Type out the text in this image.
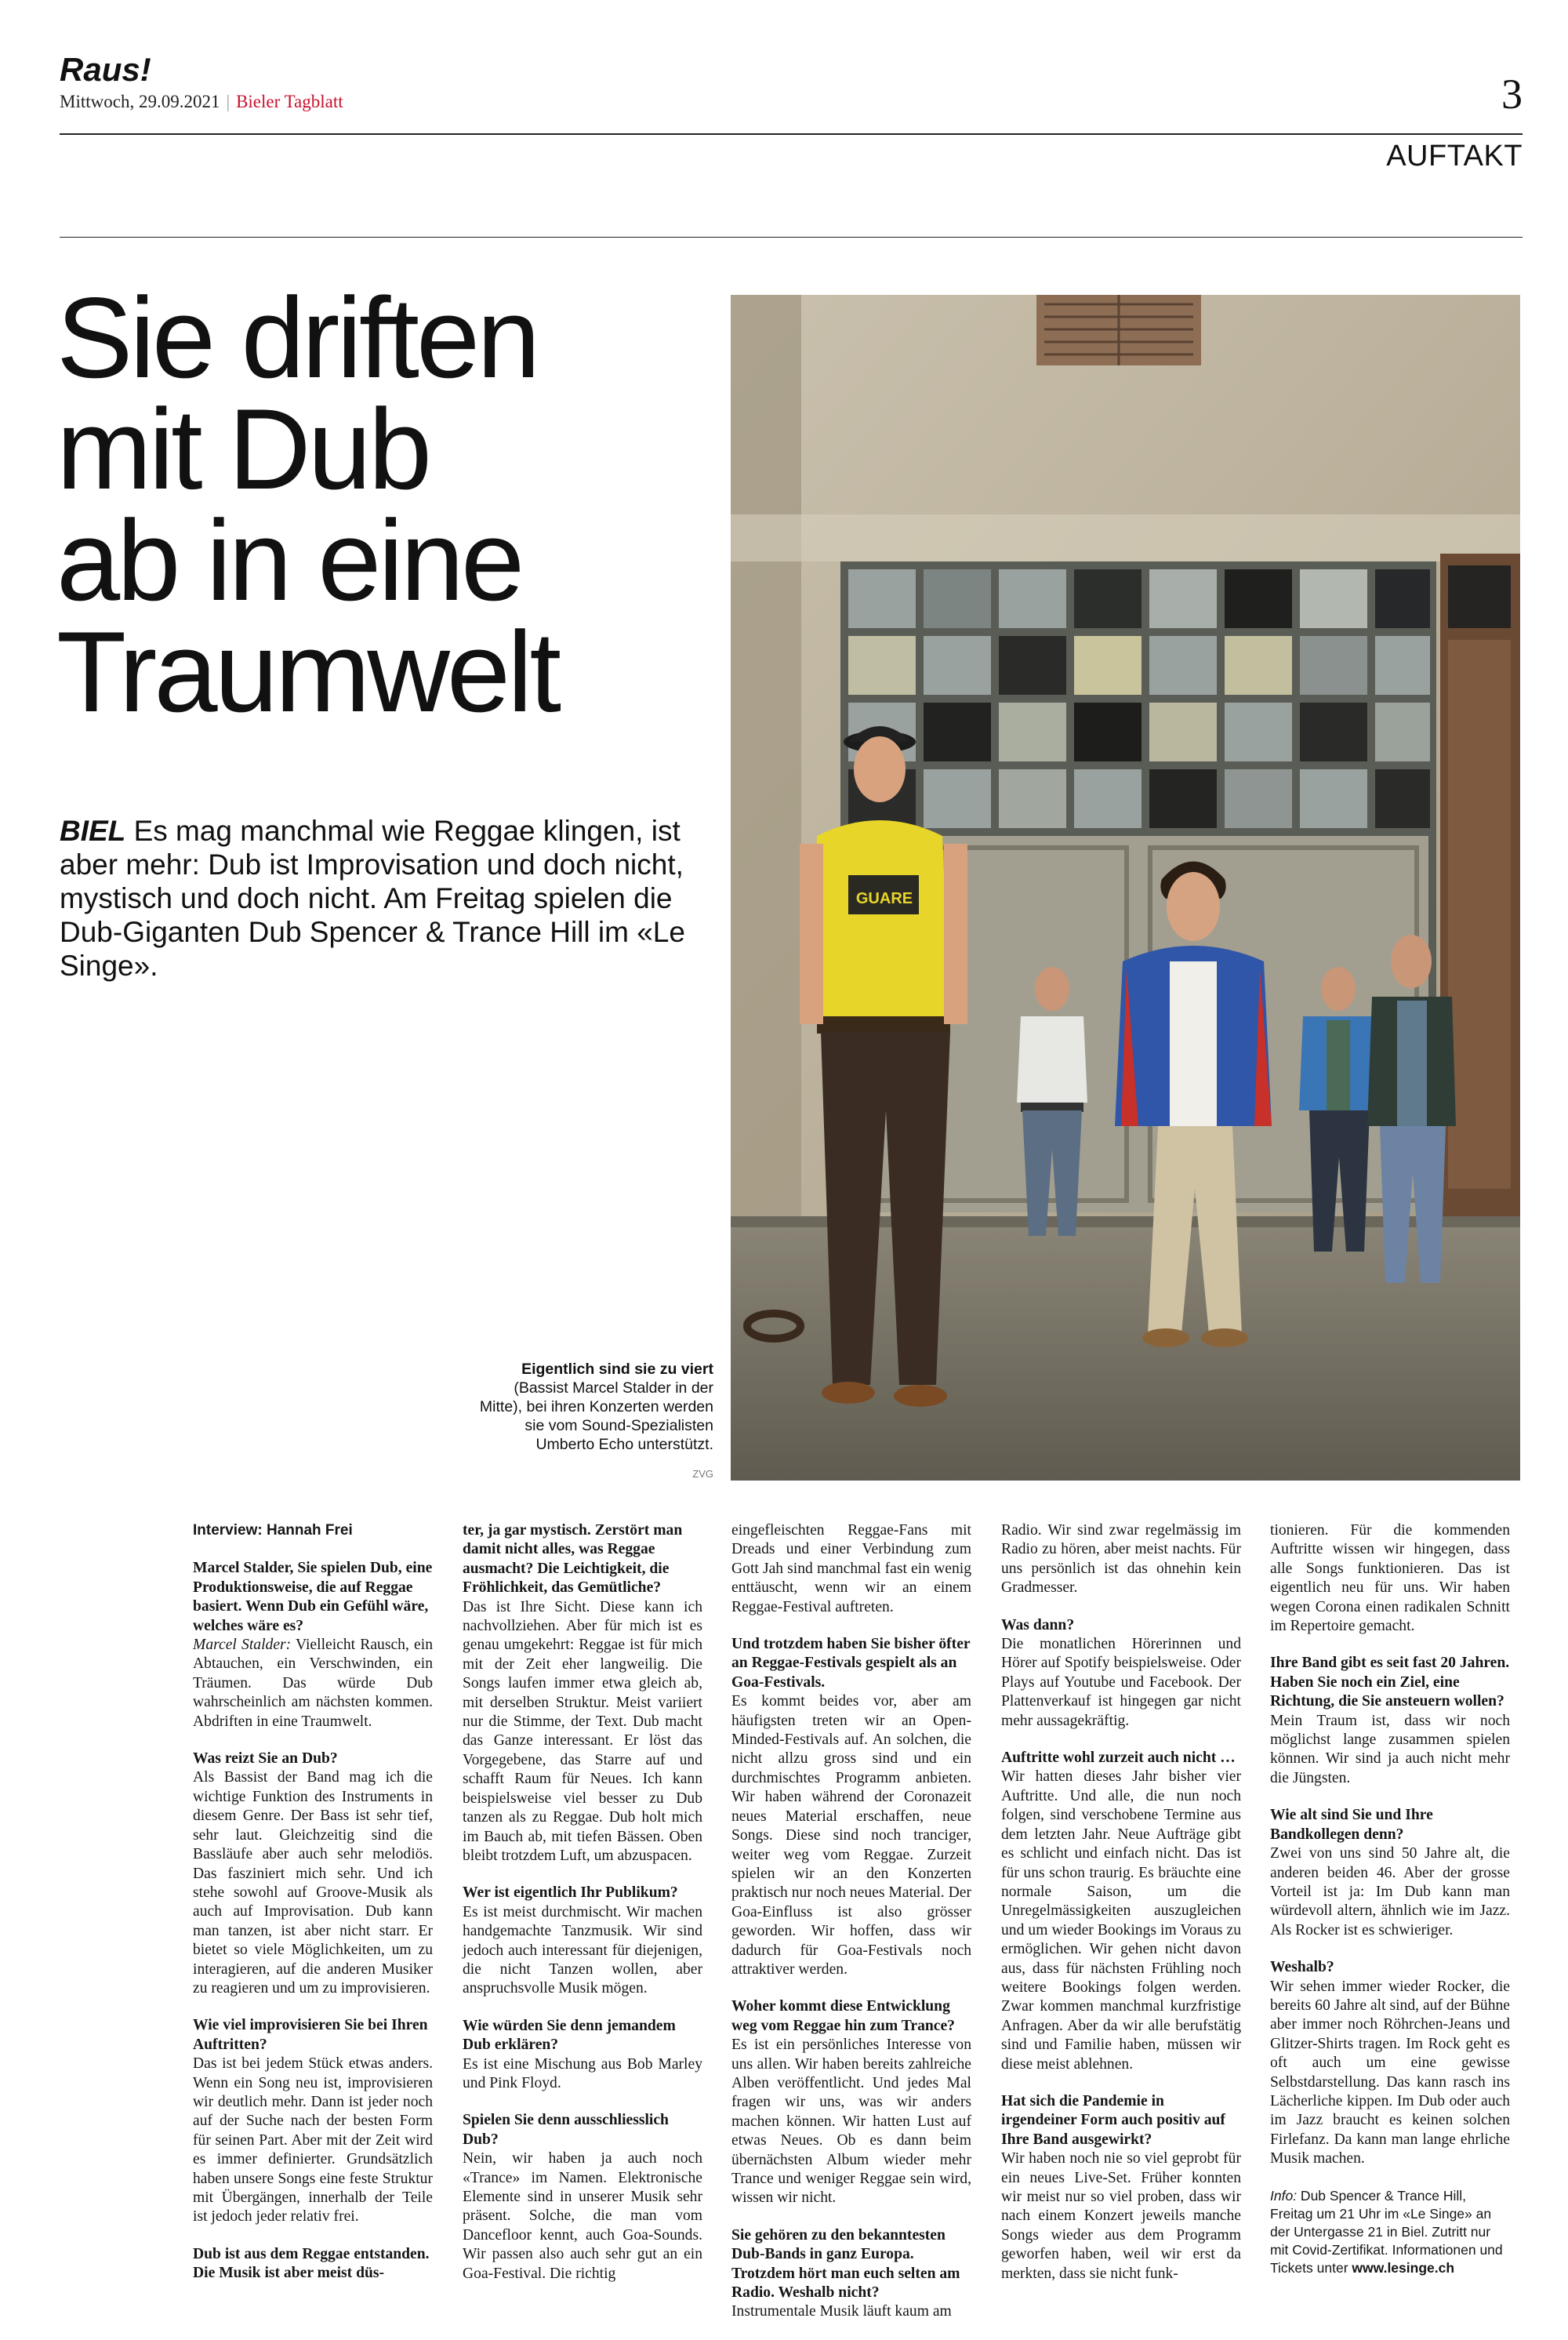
Raus!
Mittwoch, 29.09.2021 | Bieler Tagblatt	3
AUFTAKT
Sie driften
mit Dub
ab in eine
Traumwelt
BIEL Es mag manchmal wie Reggae klingen, ist aber mehr: Dub ist Improvisation und doch nicht, mystisch und doch nicht. Am Freitag spielen die Dub-Giganten Dub Spencer & Trance Hill im «Le Singe».
GUARE
Eigentlich sind sie zu viert (Bassist Marcel Stalder in der Mitte), bei ihren Konzerten werden sie vom Sound-Spezialisten Umberto Echo unterstützt.
ZVG
Interview: Hannah Frei

Marcel Stalder, Sie spielen Dub, eine Produktionsweise, die auf Reggae basiert. Wenn Dub ein Gefühl wäre, welches wäre es?
Marcel Stalder: Vielleicht Rausch, ein Abtauchen, ein Verschwinden, ein Träumen. Das würde Dub wahrscheinlich am nächsten kommen. Abdriften in eine Traumwelt.

Was reizt Sie an Dub?
Als Bassist der Band mag ich die wichtige Funktion des Instruments in diesem Genre. Der Bass ist sehr tief, sehr laut. Gleichzeitig sind die Bassläufe aber auch sehr melodiös. Das fasziniert mich sehr. Und ich stehe sowohl auf Groove-Musik als auch auf Improvisation. Dub kann man tanzen, ist aber nicht starr. Er bietet so viele Möglichkeiten, um zu interagieren, auf die anderen Musiker zu reagieren und um zu improvisieren.

Wie viel improvisieren Sie bei Ihren Auftritten?
Das ist bei jedem Stück etwas anders. Wenn ein Song neu ist, improvisieren wir deutlich mehr. Dann ist jeder noch auf der Suche nach der besten Form für seinen Part. Aber mit der Zeit wird es immer definierter. Grundsätzlich haben unsere Songs eine feste Struktur mit Übergängen, innerhalb der Teile ist jedoch jeder relativ frei.

Dub ist aus dem Reggae entstanden. Die Musik ist aber meist düs-

ter, ja gar mystisch. Zerstört man damit nicht alles, was Reggae ausmacht? Die Leichtigkeit, die Fröhlichkeit, das Gemütliche?
Das ist Ihre Sicht. Diese kann ich nachvollziehen. Aber für mich ist es genau umgekehrt: Reggae ist für mich mit der Zeit eher langweilig. Die Songs laufen immer etwa gleich ab, mit derselben Struktur. Meist variiert nur die Stimme, der Text. Dub macht das Ganze interessant. Er löst das Vorgegebene, das Starre auf und schafft Raum für Neues. Ich kann beispielsweise viel besser zu Dub tanzen als zu Reggae. Dub holt mich im Bauch ab, mit tiefen Bässen. Oben bleibt trotzdem Luft, um abzuspacen.

Wer ist eigentlich Ihr Publikum?
Es ist meist durchmischt. Wir machen handgemachte Tanzmusik. Wir sind jedoch auch interessant für diejenigen, die nicht Tanzen wollen, aber anspruchsvolle Musik mögen.

Wie würden Sie denn jemandem Dub erklären?
Es ist eine Mischung aus Bob Marley und Pink Floyd.

Spielen Sie denn ausschliesslich Dub?
Nein, wir haben ja auch noch «Trance» im Namen. Elektronische Elemente sind in unserer Musik sehr präsent. Solche, die man vom Dancefloor kennt, auch Goa-Sounds. Wir passen also auch sehr gut an ein Goa-Festival. Die richtig

eingefleischten Reggae-Fans mit Dreads und einer Verbindung zum Gott Jah sind manchmal fast ein wenig enttäuscht, wenn wir an einem Reggae-Festival auftreten.

Und trotzdem haben Sie bisher öfter an Reggae-Festivals gespielt als an Goa-Festivals.
Es kommt beides vor, aber am häufigsten treten wir an Open-Minded-Festivals auf. An solchen, die nicht allzu gross sind und ein durchmischtes Programm anbieten. Wir haben während der Coronazeit neues Material erschaffen, neue Songs. Diese sind noch tranciger, weiter weg vom Reggae. Zurzeit spielen wir an den Konzerten praktisch nur noch neues Material. Der Goa-Einfluss ist also grösser geworden. Wir hoffen, dass wir dadurch für Goa-Festivals noch attraktiver werden.

Woher kommt diese Entwicklung weg vom Reggae hin zum Trance?
Es ist ein persönliches Interesse von uns allen. Wir haben bereits zahlreiche Alben veröffentlicht. Und jedes Mal fragen wir uns, was wir anders machen können. Wir hatten Lust auf etwas Neues. Ob es dann beim übernächsten Album wieder mehr Trance und weniger Reggae sein wird, wissen wir nicht.

Sie gehören zu den bekanntesten Dub-Bands in ganz Europa. Trotzdem hört man euch selten am Radio. Weshalb nicht?
Instrumentale Musik läuft kaum am

Radio. Wir sind zwar regelmässig im Radio zu hören, aber meist nachts. Für uns persönlich ist das ohnehin kein Gradmesser.

Was dann?
Die monatlichen Hörerinnen und Hörer auf Spotify beispielsweise. Oder Plays auf Youtube und Facebook. Der Plattenverkauf ist hingegen gar nicht mehr aussagekräftig.

Auftritte wohl zurzeit auch nicht …
Wir hatten dieses Jahr bisher vier Auftritte. Und alle, die nun noch folgen, sind verschobene Termine aus dem letzten Jahr. Neue Aufträge gibt es schlicht und einfach nicht. Das ist für uns schon traurig. Es bräuchte eine normale Saison, um die Unregelmässigkeiten auszugleichen und um wieder Bookings im Voraus zu ermöglichen. Wir gehen nicht davon aus, dass für nächsten Frühling noch weitere Bookings folgen werden. Zwar kommen manchmal kurzfristige Anfragen. Aber da wir alle berufstätig sind und Familie haben, müssen wir diese meist ablehnen.

Hat sich die Pandemie in irgendeiner Form auch positiv auf Ihre Band ausgewirkt?
Wir haben noch nie so viel geprobt für ein neues Live-Set. Früher konnten wir meist nur so viel proben, dass wir nach einem Konzert jeweils manche Songs wieder aus dem Programm geworfen haben, weil wir erst da merkten, dass sie nicht funk-

tionieren. Für die kommenden Auftritte wissen wir hingegen, dass alle Songs funktionieren. Das ist eigentlich neu für uns. Wir haben wegen Corona einen radikalen Schnitt im Repertoire gemacht.

Ihre Band gibt es seit fast 20 Jahren. Haben Sie noch ein Ziel, eine Richtung, die Sie ansteuern wollen?
Mein Traum ist, dass wir noch möglichst lange zusammen spielen können. Wir sind ja auch nicht mehr die Jüngsten.

Wie alt sind Sie und Ihre Bandkollegen denn?
Zwei von uns sind 50 Jahre alt, die anderen beiden 46. Aber der grosse Vorteil ist ja: Im Dub kann man würdevoll altern, ähnlich wie im Jazz. Als Rocker ist es schwieriger.

Weshalb?
Wir sehen immer wieder Rocker, die bereits 60 Jahre alt sind, auf der Bühne aber immer noch Röhrchen-Jeans und Glitzer-Shirts tragen. Im Rock geht es oft auch um eine gewisse Selbstdarstellung. Das kann rasch ins Lächerliche kippen. Im Dub oder auch im Jazz braucht es keinen solchen Firlefanz. Da kann man lange ehrliche Musik machen.

Info: Dub Spencer & Trance Hill, Freitag um 21 Uhr im «Le Singe» an der Untergasse 21 in Biel. Zutritt nur mit Covid-Zertifikat. Informationen und Tickets unter www.lesinge.ch
